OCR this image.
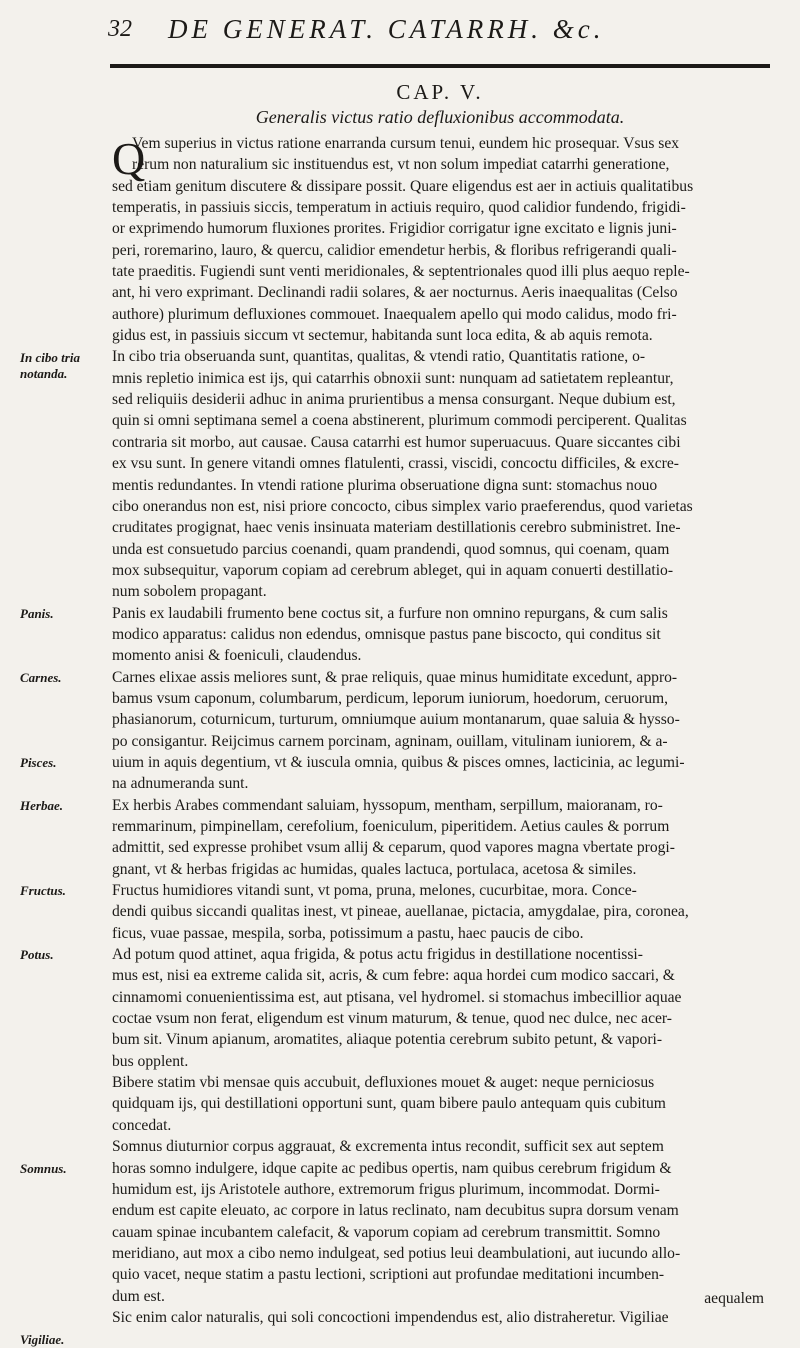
32 DE GENERAT. CATARRH. &c.
CAP. V.
Generalis victus ratio defluxionibus accommodata.
Q
Vem superius in victus ratione enarranda cursum tenui, eundem hic prosequar. Vsus sex
rerum non naturalium sic instituendus est, vt non solum impediat catarrhi generatione,
sed etiam genitum discutere & dissipare possit. Quare eligendus est aer in actiuis qualitatibus
temperatis, in passiuis siccis, temperatum in actiuis requiro, quod calidior fundendo, frigidi-
or exprimendo humorum fluxiones prorites. Frigidior corrigatur igne excitato e lignis juni-
peri, roremarino, lauro, & quercu, calidior emendetur herbis, & floribus refrigerandi quali-
tate praeditis. Fugiendi sunt venti meridionales, & septentrionales quod illi plus aequo reple-
ant, hi vero exprimant. Declinandi radii solares, & aer nocturnus. Aeris inaequalitas (Celso
authore) plurimum defluxiones commouet. Inaequalem apello qui modo calidus, modo fri-
gidus est, in passiuis siccum vt sectemur, habitanda sunt loca edita, & ab aquis remota.
In cibo tria obseruanda sunt, quantitas, qualitas, & vtendi ratio, Quantitatis ratione, o-
mnis repletio inimica est ijs, qui catarrhis obnoxii sunt: nunquam ad satietatem repleantur,
sed reliquiis desiderii adhuc in anima prurientibus a mensa consurgant. Neque dubium est,
quin si omni septimana semel a coena abstinerent, plurimum commodi perciperent. Qualitas
contraria sit morbo, aut causae. Causa catarrhi est humor superuacuus. Quare siccantes cibi
ex vsu sunt. In genere vitandi omnes flatulenti, crassi, viscidi, concoctu difficiles, & excre-
mentis redundantes. In vtendi ratione plurima obseruatione digna sunt: stomachus nouo
cibo onerandus non est, nisi priore concocto, cibus simplex vario praeferendus, quod varietas
cruditates progignat, haec venis insinuata materiam destillationis cerebro subministret. Ine-
unda est consuetudo parcius coenandi, quam prandendi, quod somnus, qui coenam, quam
mox subsequitur, vaporum copiam ad cerebrum ableget, qui in aquam conuerti destillatio-
num sobolem propagant.
Panis ex laudabili frumento bene coctus sit, a furfure non omnino repurgans, & cum salis
modico apparatus: calidus non edendus, omnisque pastus pane biscocto, qui conditus sit
momento anisi & foeniculi, claudendus.
Carnes elixae assis meliores sunt, & prae reliquis, quae minus humiditate excedunt, appro-
bamus vsum caponum, columbarum, perdicum, leporum iuniorum, hoedorum, ceruorum,
phasianorum, coturnicum, turturum, omniumque auium montanarum, quae saluia & hysso-
po consigantur. Reijcimus carnem porcinam, agninam, ouillam, vitulinam iuniorem, & a-
uium in aquis degentium, vt & iuscula omnia, quibus & pisces omnes, lacticinia, ac legumi-
na adnumeranda sunt.
Ex herbis Arabes commendant saluiam, hyssopum, mentham, serpillum, maioranam, ro-
remmarinum, pimpinellam, cerefolium, foeniculum, piperitidem. Aetius caules & porrum
admittit, sed expresse prohibet vsum allij & ceparum, quod vapores magna vbertate progi-
gnant, vt & herbas frigidas ac humidas, quales lactuca, portulaca, acetosa & similes.
Fructus humidiores vitandi sunt, vt poma, pruna, melones, cucurbitae, mora. Conce-
dendi quibus siccandi qualitas inest, vt pineae, auellanae, pictacia, amygdalae, pira, coronea,
ficus, vuae passae, mespila, sorba, potissimum a pastu, haec paucis de cibo.
Ad potum quod attinet, aqua frigida, & potus actu frigidus in destillatione nocentissi-
mus est, nisi ea extreme calida sit, acris, & cum febre: aqua hordei cum modico saccari, &
cinnamomi conuenientissima est, aut ptisana, vel hydromel. si stomachus imbecillior aquae
coctae vsum non ferat, eligendum est vinum maturum, & tenue, quod nec dulce, nec acer-
bum sit. Vinum apianum, aromatites, aliaque potentia cerebrum subito petunt, & vapori-
bus opplent.
Bibere statim vbi mensae quis accubuit, defluxiones mouet & auget: neque perniciosus
quidquam ijs, qui destillationi opportuni sunt, quam bibere paulo antequam quis cubitum
concedat.
Somnus diuturnior corpus aggrauat, & excrementa intus recondit, sufficit sex aut septem
horas somno indulgere, idque capite ac pedibus opertis, nam quibus cerebrum frigidum &
humidum est, ijs Aristotele authore, extremorum frigus plurimum, incommodat. Dormi-
endum est capite eleuato, ac corpore in latus reclinato, nam decubitus supra dorsum venam
cauam spinae incubantem calefacit, & vaporum copiam ad cerebrum transmittit. Somno
meridiano, aut mox a cibo nemo indulgeat, sed potius leui deambulationi, aut iucundo allo-
quio vacet, neque statim a pastu lectioni, scriptioni aut profundae meditationi incumben-
dum est.
Sic enim calor naturalis, qui soli concoctioni impendendus est, alio distraheretur. Vigiliae
In cibo tria notanda.
Panis.
Carnes.
Pisces.
Herbae.
Fructus.
Potus.
Somnus.
Vigiliae.
aequalem
